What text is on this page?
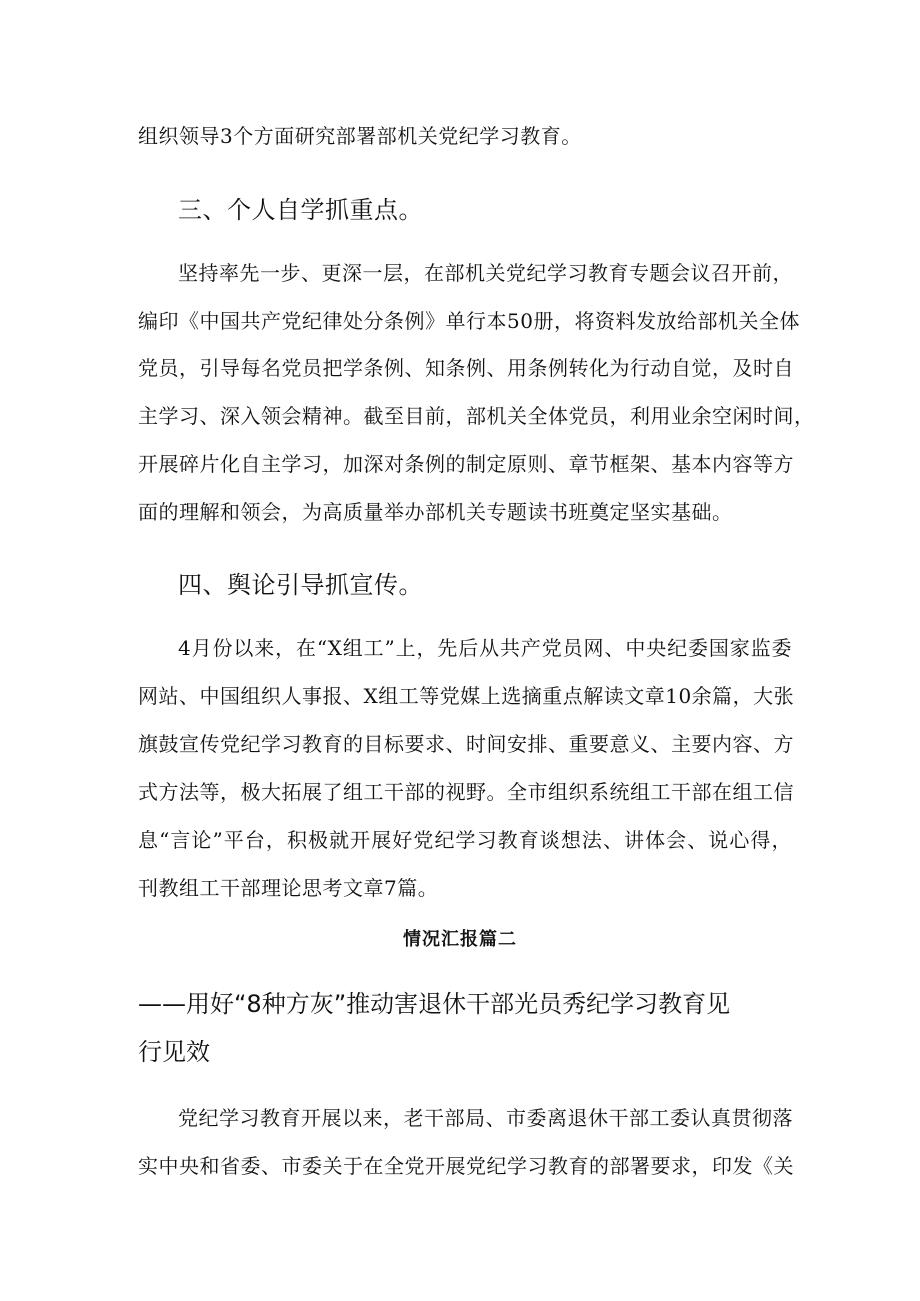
组织领导3个方面研究部署部机关党纪学习教育。

三、个人自学抓重点。

坚持率先一步、更深一层，在部机关党纪学习教育专题会议召开前，

编印《中国共产党纪律处分条例》单行本50册，将资料发放给部机关全体

党员，引导每名党员把学条例、知条例、用条例转化为行动自觉，及时自

主学习、深入领会精神。截至目前，部机关全体党员，利用业余空闲时间，

开展碎片化自主学习，加深对条例的制定原则、章节框架、基本内容等方

面的理解和领会，为高质量举办部机关专题读书班奠定坚实基础。

四、舆论引导抓宣传。

4月份以来，在“X组工”上，先后从共产党员网、中央纪委国家监委

网站、中国组织人事报、X组工等党媒上选摘重点解读文章10余篇，大张

旗鼓宣传党纪学习教育的目标要求、时间安排、重要意义、主要内容、方

式方法等，极大拓展了组工干部的视野。全市组织系统组工干部在组工信

息“言论”平台，积极就开展好党纪学习教育谈想法、讲体会、说心得，

刊教组工干部理论思考文章7篇。

情况汇报篇二

——用好“8种方灰”推动害退休干部光员秀纪学习教育见

行见效

党纪学习教育开展以来，老干部局、市委离退休干部工委认真贯彻落

实中央和省委、市委关于在全党开展党纪学习教育的部署要求，印发《关
